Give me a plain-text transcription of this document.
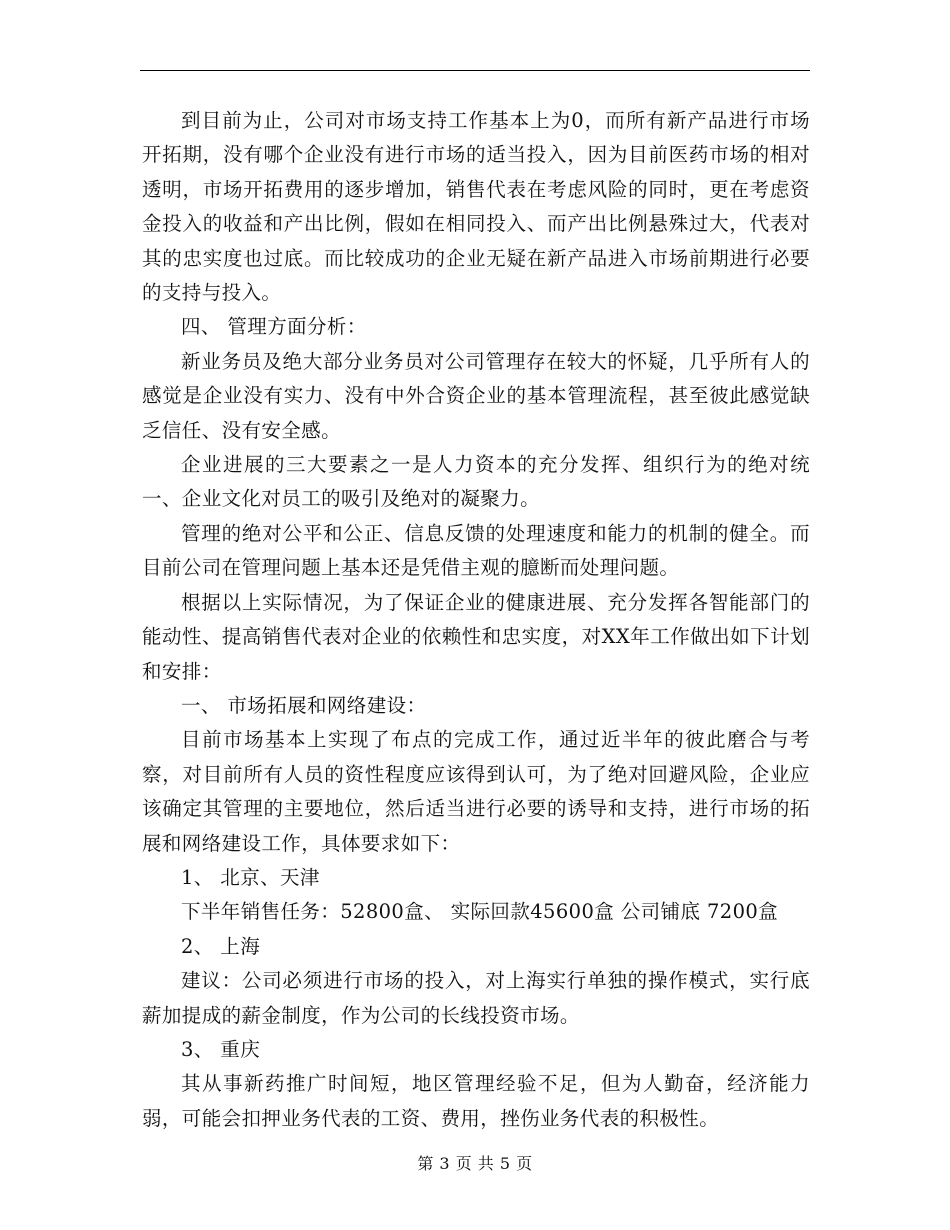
到目前为止，公司对市场支持工作基本上为0，而所有新产品进行市场开拓期，没有哪个企业没有进行市场的适当投入，因为目前医药市场的相对透明，市场开拓费用的逐步增加，销售代表在考虑风险的同时，更在考虑资金投入的收益和产出比例，假如在相同投入、而产出比例悬殊过大，代表对其的忠实度也过底。而比较成功的企业无疑在新产品进入市场前期进行必要的支持与投入。

四、 管理方面分析：

新业务员及绝大部分业务员对公司管理存在较大的怀疑，几乎所有人的感觉是企业没有实力、没有中外合资企业的基本管理流程，甚至彼此感觉缺乏信任、没有安全感。

企业进展的三大要素之一是人力资本的充分发挥、组织行为的绝对统一、企业文化对员工的吸引及绝对的凝聚力。

管理的绝对公平和公正、信息反馈的处理速度和能力的机制的健全。而目前公司在管理问题上基本还是凭借主观的臆断而处理问题。

根据以上实际情况，为了保证企业的健康进展、充分发挥各智能部门的能动性、提高销售代表对企业的依赖性和忠实度，对XX年工作做出如下计划和安排：

一、 市场拓展和网络建设：

目前市场基本上实现了布点的完成工作，通过近半年的彼此磨合与考察，对目前所有人员的资性程度应该得到认可，为了绝对回避风险，企业应该确定其管理的主要地位，然后适当进行必要的诱导和支持，进行市场的拓展和网络建设工作，具体要求如下：

1、 北京、天津

下半年销售任务：52800盒、 实际回款45600盒 公司铺底 7200盒

2、 上海

建议：公司必须进行市场的投入，对上海实行单独的操作模式，实行底薪加提成的薪金制度，作为公司的长线投资市场。

3、 重庆

其从事新药推广时间短，地区管理经验不足，但为人勤奋，经济能力弱，可能会扣押业务代表的工资、费用，挫伤业务代表的积极性。

第 3 页 共 5 页
